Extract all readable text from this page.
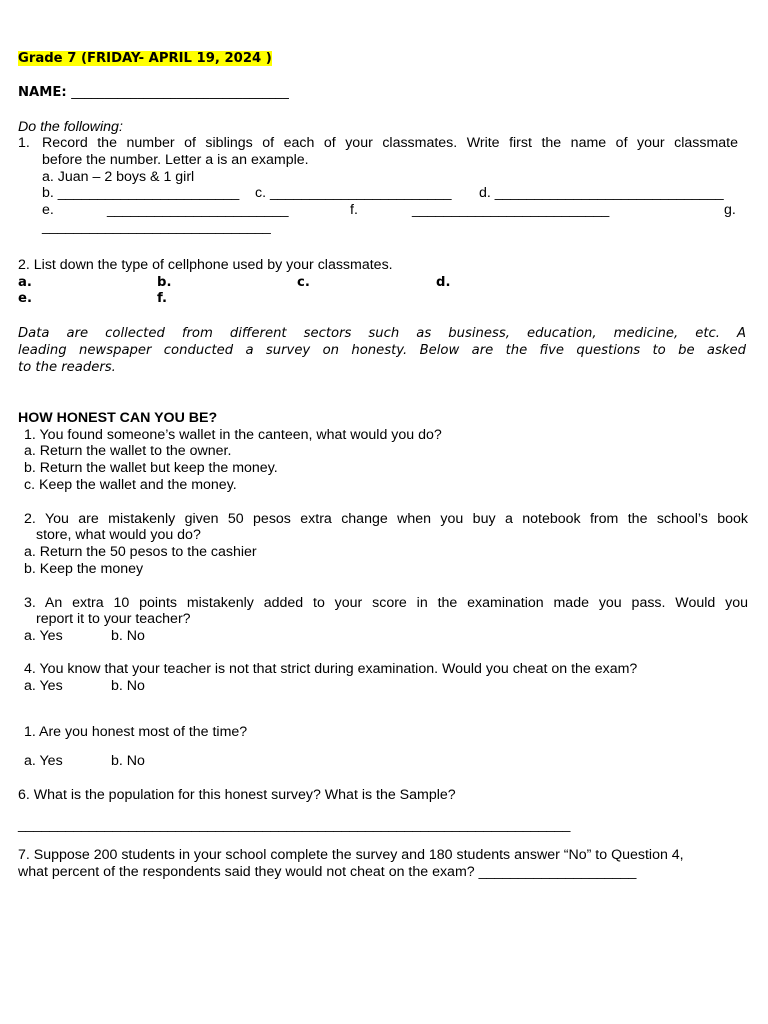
Grade 7 (FRIDAY- APRIL 19, 2024 )
NAME: _________________________________
Do the following:
1. Record the number of siblings of each of your classmates. Write first the name of your classmate
before the number. Letter a is an example.
a. Juan – 2 boys & 1 girl
b. _______________________ c. _______________________ d. _____________________________
e.	_______________________	f.	_________________________	g.
_____________________________
2. List down the type of cellphone used by your classmates.
a.	b.	c.	d.
e.	f.
Data are collected from different sectors such as business, education, medicine, etc. A
leading newspaper conducted a survey on honesty. Below are the five questions to be asked
to the readers.
HOW HONEST CAN YOU BE?
1. You found someone’s wallet in the canteen, what would you do?
a. Return the wallet to the owner.
b. Return the wallet but keep the money.
c. Keep the wallet and the money.
2. You are mistakenly given 50 pesos extra change when you buy a notebook from the school’s book
store, what would you do?
a. Return the 50 pesos to the cashier
b. Keep the money
3. An extra 10 points mistakenly added to your score in the examination made you pass. Would you
report it to your teacher?
a. Yes	b. No
4. You know that your teacher is not that strict during examination. Would you cheat on the exam?
a. Yes	b. No
1. Are you honest most of the time?
a. Yes	b. No
6. What is the population for this honest survey? What is the Sample?
______________________________________________________________________
7. Suppose 200 students in your school complete the survey and 180 students answer “No” to Question 4,
what percent of the respondents said they would not cheat on the exam? ____________________
